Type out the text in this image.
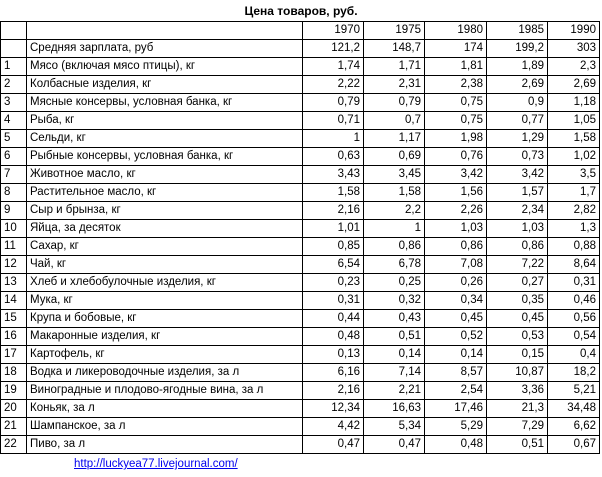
Цена товаров, руб.
		1970	1975	1980	1985	1990
	Средняя зарплата, руб	121,2	148,7	174	199,2	303
1	Мясо (включая мясо птицы), кг	1,74	1,71	1,81	1,89	2,3
2	Колбасные изделия, кг	2,22	2,31	2,38	2,69	2,69
3	Мясные консервы, условная банка, кг	0,79	0,79	0,75	0,9	1,18
4	Рыба, кг	0,71	0,7	0,75	0,77	1,05
5	Сельди, кг	1	1,17	1,98	1,29	1,58
6	Рыбные консервы, условная банка, кг	0,63	0,69	0,76	0,73	1,02
7	Животное масло, кг	3,43	3,45	3,42	3,42	3,5
8	Растительное масло, кг	1,58	1,58	1,56	1,57	1,7
9	Сыр и брынза, кг	2,16	2,2	2,26	2,34	2,82
10	Яйца, за десяток	1,01	1	1,03	1,03	1,3
11	Сахар, кг	0,85	0,86	0,86	0,86	0,88
12	Чай, кг	6,54	6,78	7,08	7,22	8,64
13	Хлеб и хлебобулочные изделия, кг	0,23	0,25	0,26	0,27	0,31
14	Мука, кг	0,31	0,32	0,34	0,35	0,46
15	Крупа и бобовые, кг	0,44	0,43	0,45	0,45	0,56
16	Макаронные изделия, кг	0,48	0,51	0,52	0,53	0,54
17	Картофель, кг	0,13	0,14	0,14	0,15	0,4
18	Водка и ликероводочные изделия, за л	6,16	7,14	8,57	10,87	18,2
19	Виноградные и плодово-ягодные вина, за л	2,16	2,21	2,54	3,36	5,21
20	Коньяк, за л	12,34	16,63	17,46	21,3	34,48
21	Шампанское, за л	4,42	5,34	5,29	7,29	6,62
22	Пиво, за л	0,47	0,47	0,48	0,51	0,67
http://luckyea77.livejournal.com/
